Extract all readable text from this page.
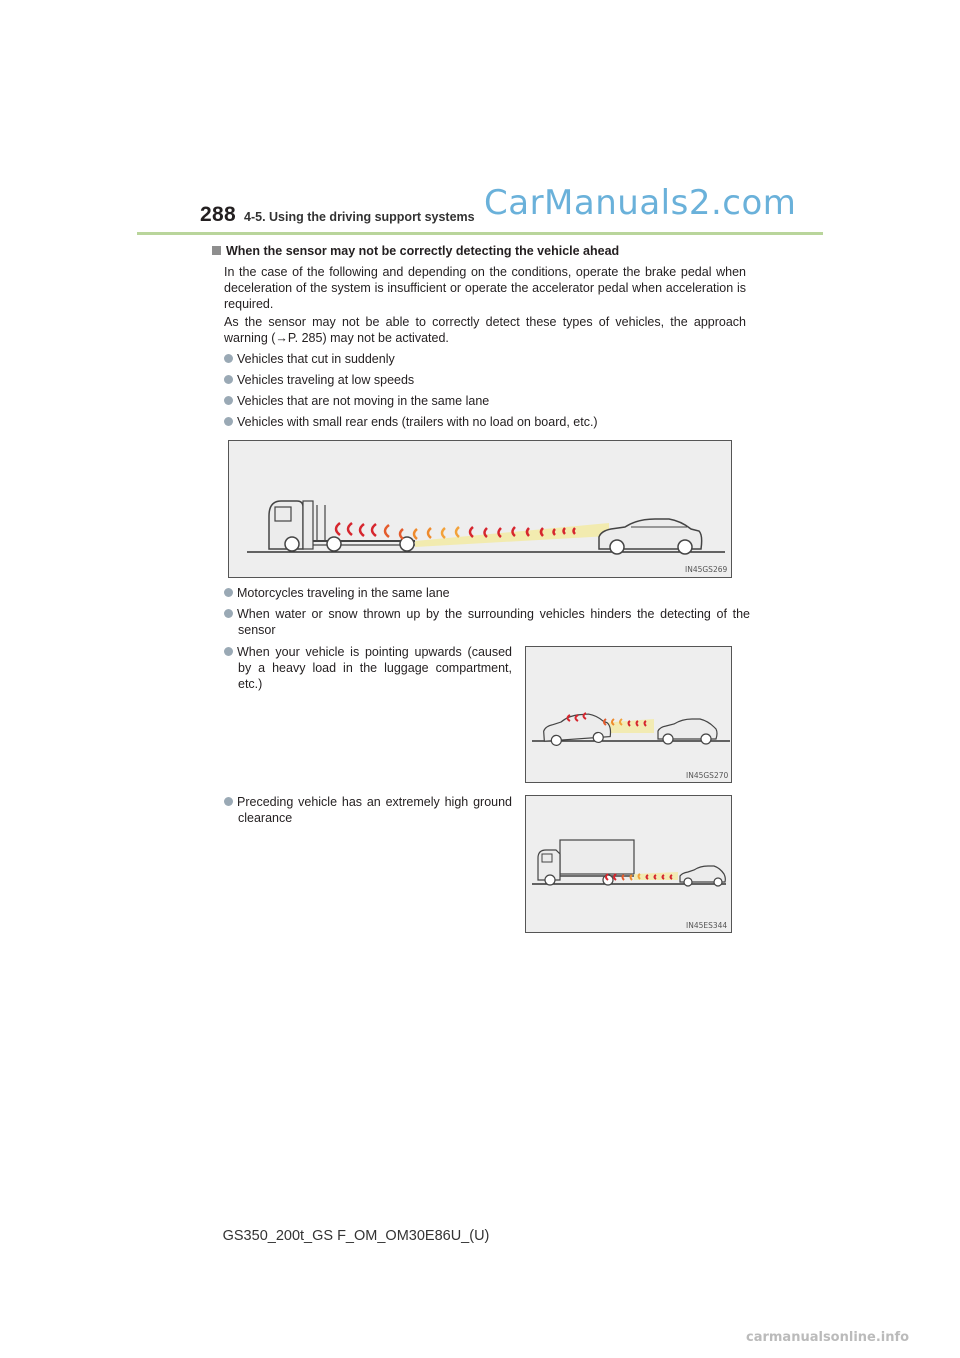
288 4-5. Using the driving support systems CarManuals2.com
When the sensor may not be correctly detecting the vehicle ahead
In the case of the following and depending on the conditions, operate the brake pedal when deceleration of the system is insufficient or operate the accelerator pedal when acceleration is required.
As the sensor may not be able to correctly detect these types of vehicles, the approach warning (→P. 285) may not be activated.
Vehicles that cut in suddenly
Vehicles traveling at low speeds
Vehicles that are not moving in the same lane
Vehicles with small rear ends (trailers with no load on board, etc.)
IN45GS269
Motorcycles traveling in the same lane
When water or snow thrown up by the surrounding vehicles hinders the detecting of the sensor
When your vehicle is pointing upwards (caused by a heavy load in the luggage compartment, etc.)
IN45GS270
Preceding vehicle has an extremely high ground clearance
IN45ES344
GS350_200t_GS F_OM_OM30E86U_(U)
carmanualsonline.info
